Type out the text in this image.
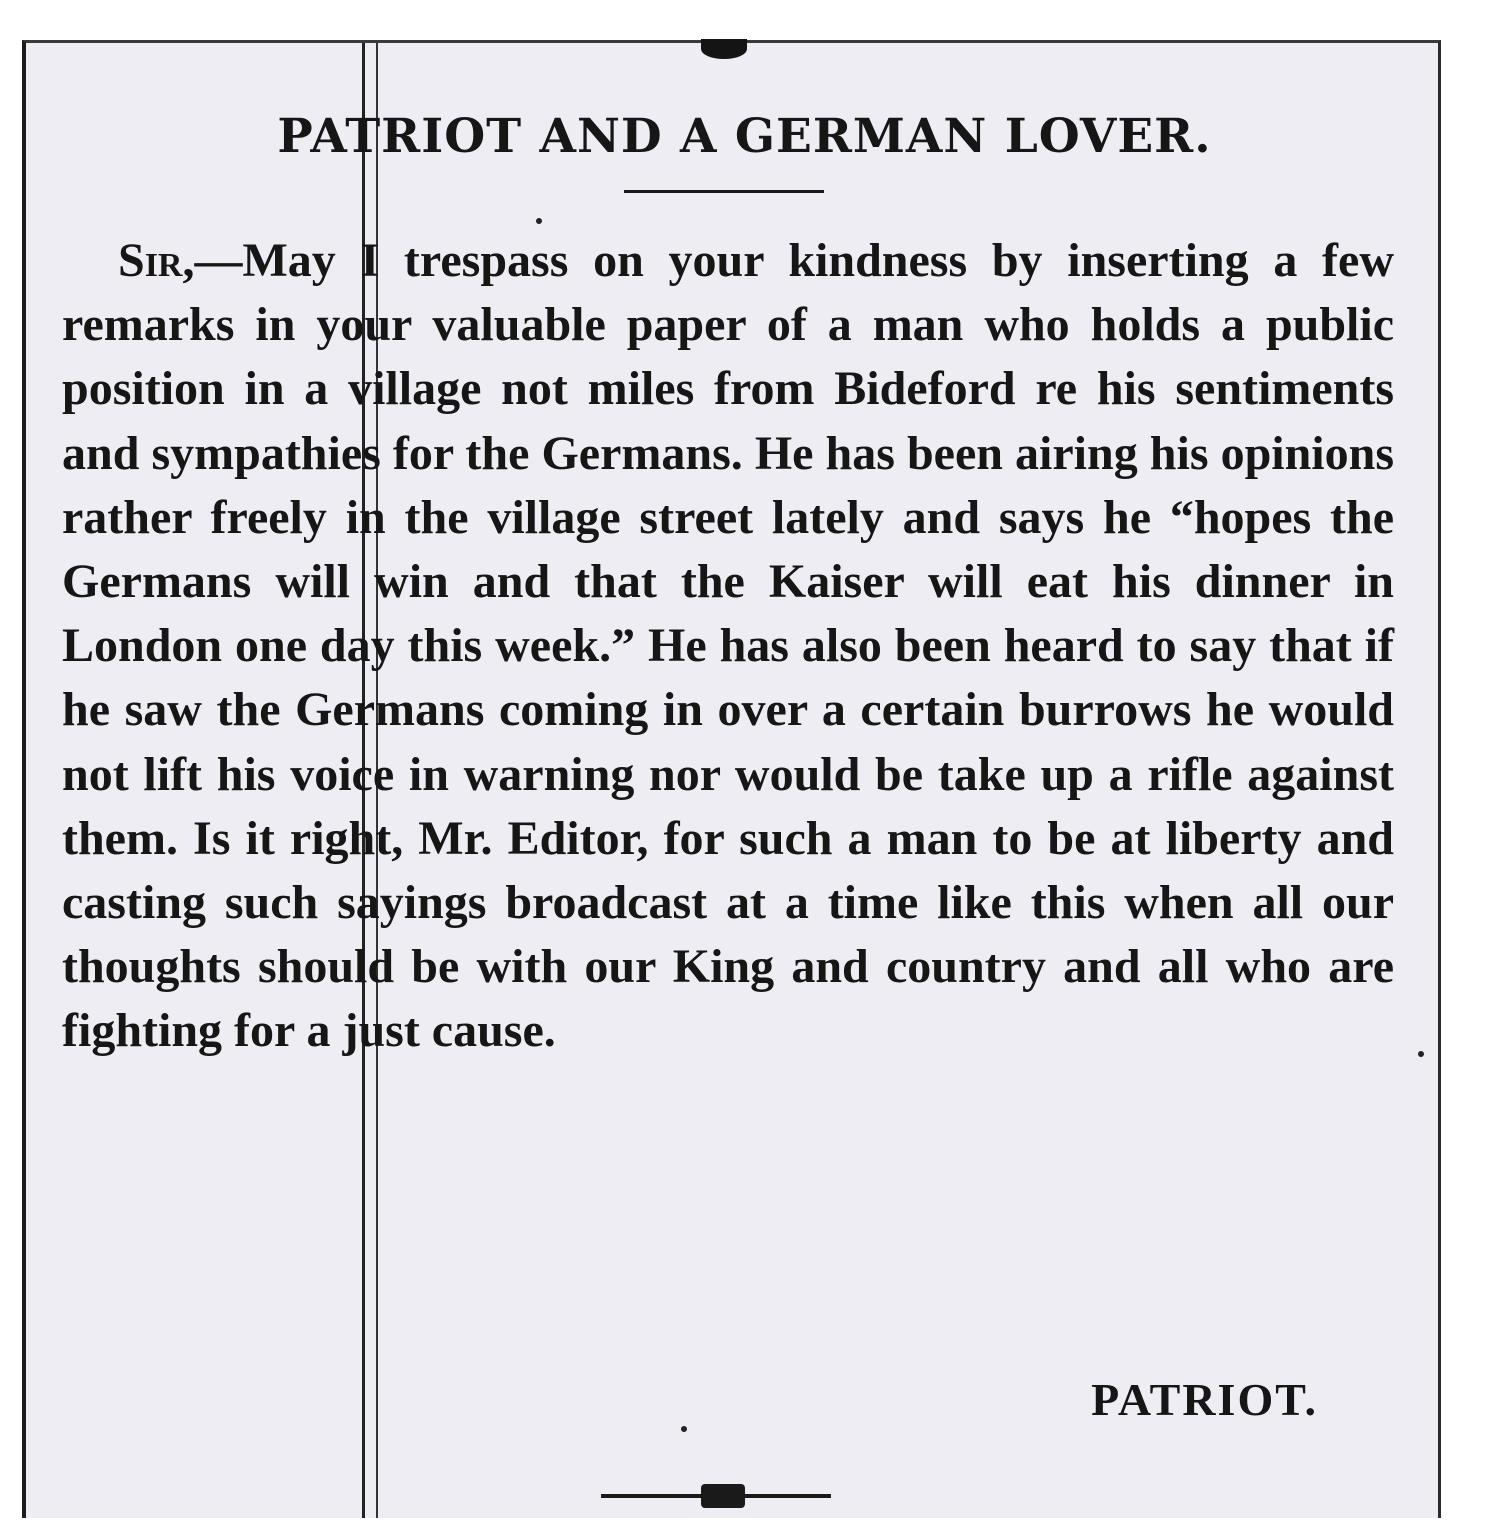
PATRIOT AND A GERMAN LOVER.

Sir,—May I trespass on your kindness by inserting a few remarks in your valuable paper of a man who holds a public position in a village not miles from Bideford re his sentiments and sympathies for the Germans. He has been airing his opinions rather freely in the village street lately and says he “hopes the Germans will win and that the Kaiser will eat his dinner in London one day this week.” He has also been heard to say that if he saw the Germans coming in over a certain burrows he would not lift his voice in warning nor would be take up a rifle against them. Is it right, Mr. Editor, for such a man to be at liberty and casting such sayings broadcast at a time like this when all our thoughts should be with our King and country and all who are fighting for a just cause.

PATRIOT.
